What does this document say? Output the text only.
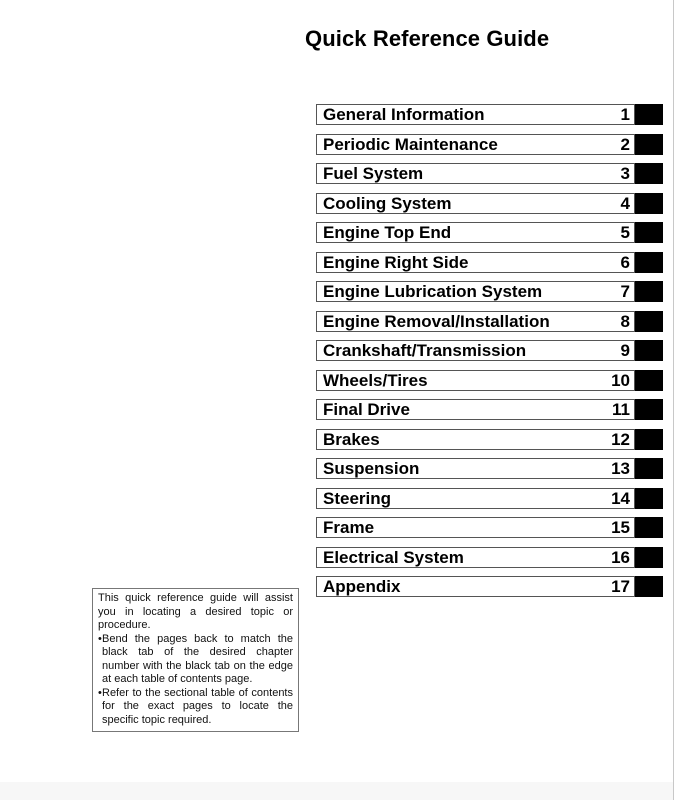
Quick Reference Guide
General Information	1
Periodic Maintenance	2
Fuel System	3
Cooling System	4
Engine Top End	5
Engine Right Side	6
Engine Lubrication System	7
Engine Removal/Installation	8
Crankshaft/Transmission	9
Wheels/Tires	10
Final Drive	11
Brakes	12
Suspension	13
Steering	14
Frame	15
Electrical System	16
Appendix	17

This quick reference guide will assist you in locating a desired topic or procedure.

• Bend the pages back to match the black tab of the desired chapter number with the black tab on the edge at each table of contents page.
• Refer to the sectional table of contents for the exact pages to locate the specific topic required.
